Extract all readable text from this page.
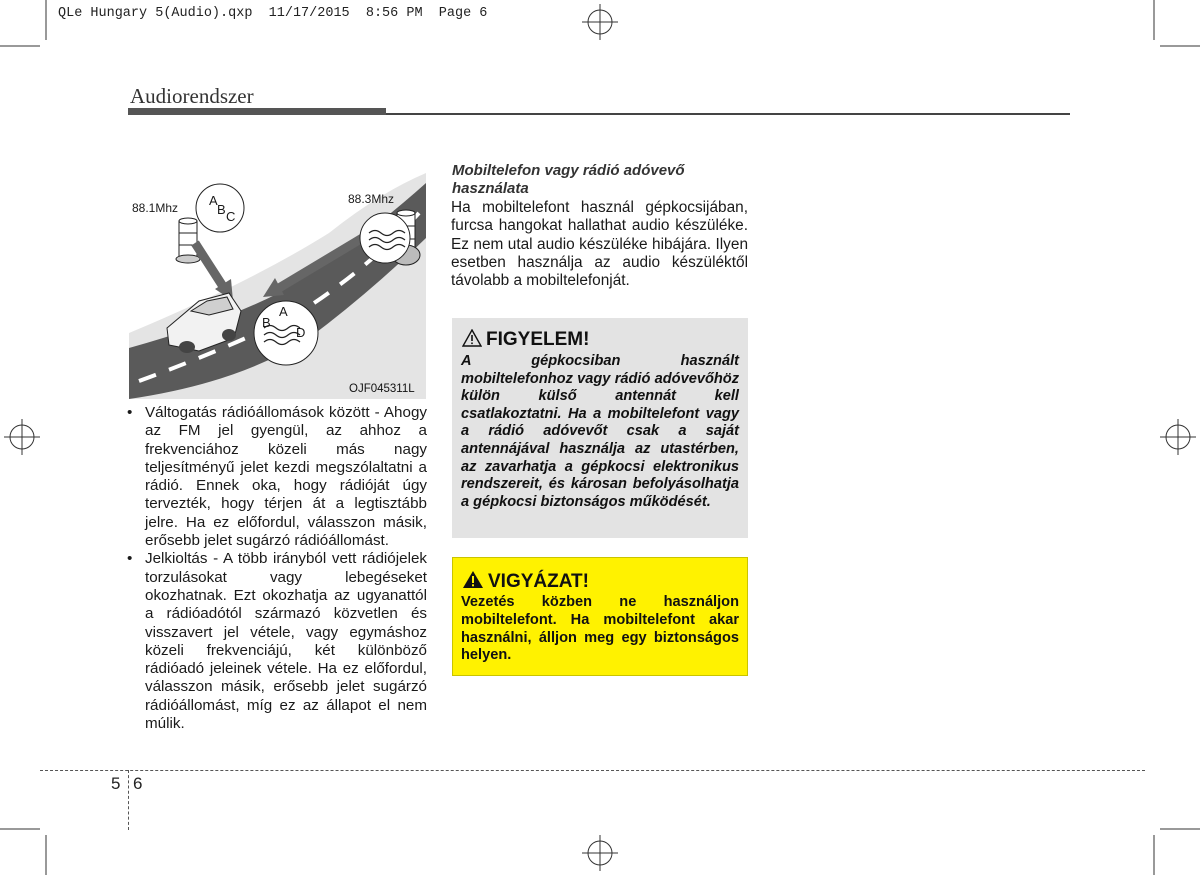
QLe Hungary 5(Audio).qxp  11/17/2015  8:56 PM  Page 6
Audiorendszer
88.1Mhz
88.3Mhz
A
B C
A
B
D
OJF045311L
• Váltogatás rádióállomások között - Ahogy az FM jel gyengül, az ahhoz a frekvenciához közeli más nagy teljesítményű jelet kezdi megszólaltatni a rádió. Ennek oka, hogy rádióját úgy tervezték, hogy térjen át a legtisztább jelre. Ha ez előfordul, válasszon másik, erősebb jelet sugárzó rádióállomást.
• Jelkioltás - A több irányból vett rádiójelek torzulásokat vagy lebegéseket okozhatnak. Ezt okozhatja az ugyanattól a rádióadótól származó közvetlen és visszavert jel vétele, vagy egymáshoz közeli frekvenciájú, két különböző rádióadó jeleinek vétele. Ha ez előfordul, válasszon másik, erősebb jelet sugárzó rádióállomást, míg ez az állapot el nem múlik.
Mobiltelefon vagy rádió adóvevő használata
Ha mobiltelefont használ gépkocsijában, furcsa hangokat hallathat audio készüléke. Ez nem utal audio készüléke hibájára. Ilyen esetben használja az audio készüléktől távolabb a mobiltelefonját.
FIGYELEM!
A gépkocsiban használt mobiltelefonhoz vagy rádió adóvevőhöz külön külső antennát kell csatlakoztatni. Ha a mobiltelefont vagy a rádió adóvevőt csak a saját antennájával használja az utastérben, az zavarhatja a gépkocsi elektronikus rendszereit, és károsan befolyásolhatja a gépkocsi biztonságos működését.
VIGYÁZAT!
Vezetés közben ne használjon mobiltelefont. Ha mobiltelefont akar használni, álljon meg egy biztonságos helyen.
5 6
